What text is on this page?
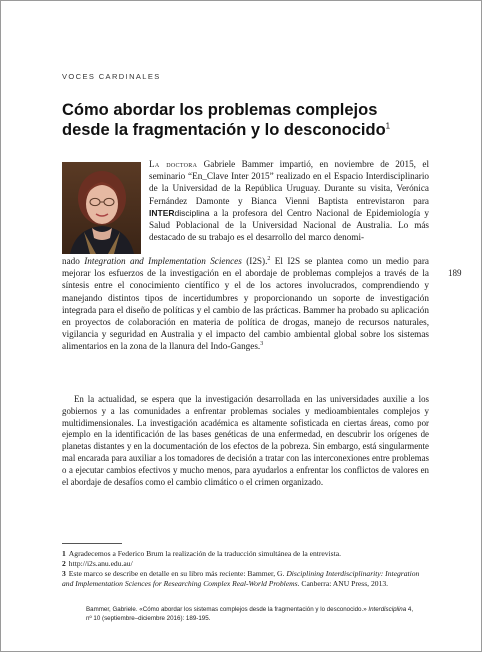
VOCES CARDINALES
Cómo abordar los problemas complejos
desde la fragmentación y lo desconocido$^1$
La doctora Gabriele Bammer impartió, en noviembre de 2015, el seminario “En_Clave Inter 2015” realizado en el Espacio Interdisciplinario de la Universidad de la República Uruguay. Durante su visita, Verónica Fernández Damonte y Bianca Vienni Baptista entrevistaron para INTERdisciplina a la profesora del Centro Nacional de Epidemiología y Salud Poblacional de la Universidad Nacional de Australia. Lo más destacado de su trabajo es el desarrollo del marco denomi-
nado Integration and Implementation Sciences (I2S).$^2$ El I2S se plantea como un medio para mejorar los esfuerzos de la investigación en el abordaje de problemas complejos a través de la síntesis entre el conocimiento científico y el de los actores involucrados, comprendiendo y manejando distintos tipos de incertidumbres y proporcionando un soporte de investigación integrada para el diseño de políticas y el cambio de las prácticas. Bammer ha probado su aplicación en proyectos de colaboración en materia de política de drogas, manejo de recursos naturales, vigilancia y seguridad en Australia y el impacto del cambio ambiental global sobre los sistemas alimentarios en la zona de la llanura del Indo-Ganges.$^3$
189

En la actualidad, se espera que la investigación desarrollada en las universidades auxilie a los gobiernos y a las comunidades a enfrentar problemas sociales y medioambientales complejos y multidimensionales. La investigación académica es altamente sofisticada en ciertas áreas, como por ejemplo en la identificación de las bases genéticas de una enfermedad, en descubrir los orígenes de planetas distantes y en la documentación de los efectos de la pobreza. Sin embargo, está singularmente mal encarada para auxiliar a los tomadores de decisión a tratar con las interconexiones entre problemas o a ejecutar cambios efectivos y mucho menos, para ayudarlos a enfrentar los conflictos de valores en el abordaje de desafíos como el cambio climático o el crimen organizado.

1 Agradecemos a Federico Brum la realización de la traducción simultánea de la entrevista.
2 http://i2s.anu.edu.au/
3 Este marco se describe en detalle en su libro más reciente: Bammer, G. Disciplining Interdisciplinarity: Integration and Implementation Sciences for Researching Complex Real-World Problems. Canberra: ANU Press, 2013.
Bammer, Gabriele. «Cómo abordar los sistemas complejos desde la fragmentación y lo desconocido.» Interdisciplina 4, nº 10 (septiembre–diciembre 2016): 189-195.
